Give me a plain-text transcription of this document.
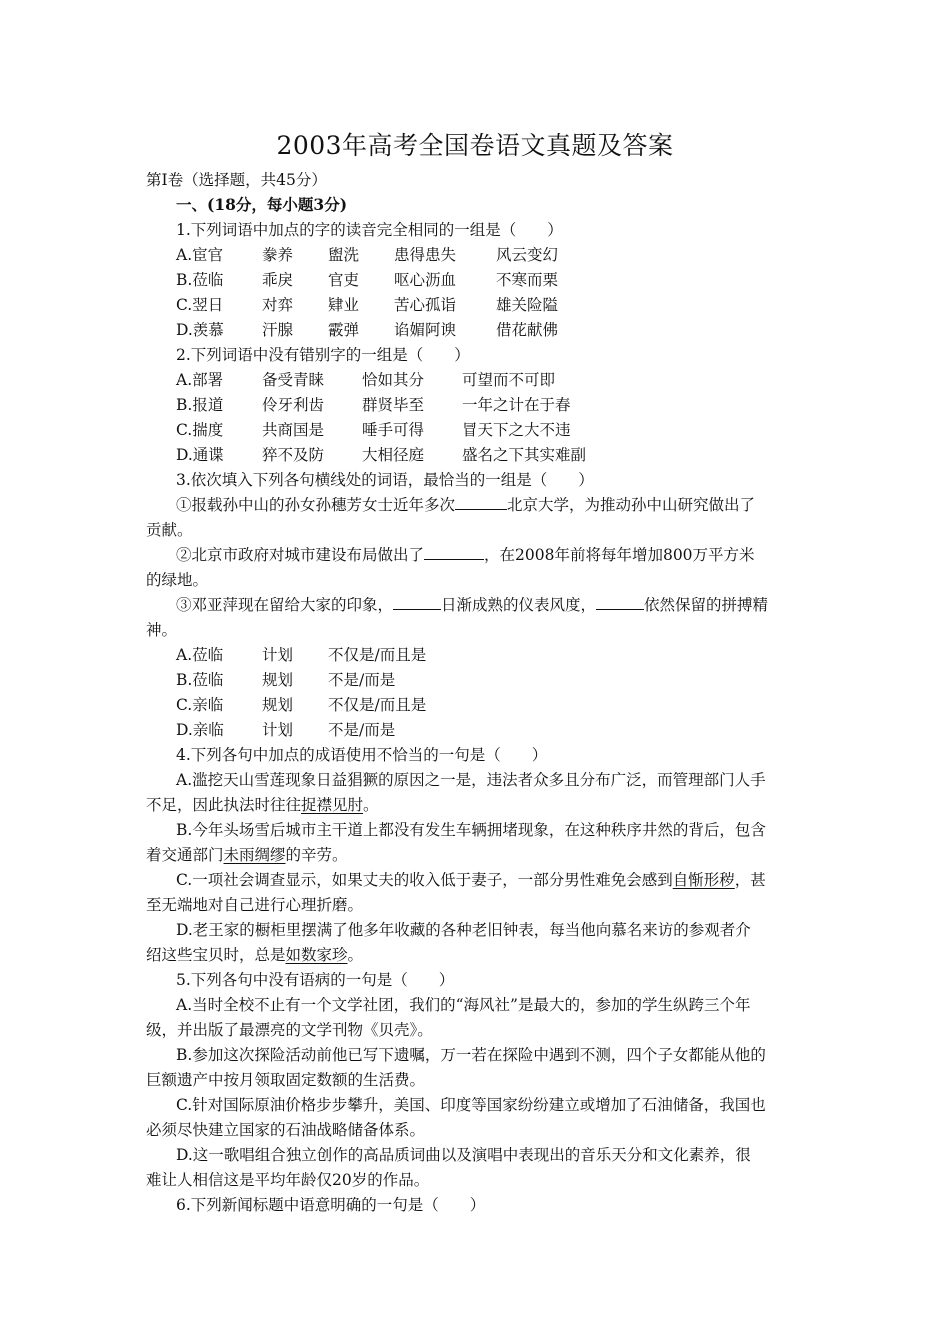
2003年高考全国卷语文真题及答案
第Ⅰ卷（选择题，共45分）
一、(18分，每小题3分)
1.下列词语中加点的字的读音完全相同的一组是（　　）
A.宦官	豢养 盥洗 患得患失	风云变幻
B.莅临 乖戾 官吏 呕心沥血	不寒而栗
C.翌日	对弈 肄业 苦心孤诣	雄关险隘
D.羡慕 汗腺 霰弹 谄媚阿谀	借花献佛
2.下列词语中没有错别字的一组是（　　）
A.部署	备受青睐 恰如其分 可望而不可即
B.报道 伶牙利齿 群贤毕至 一年之计在于春
C.揣度	共商国是 唾手可得 冒天下之大不违
D.通谍 猝不及防 大相径庭 盛名之下其实难副
3.依次填入下列各句横线处的词语，最恰当的一组是（　　）
①报载孙中山的孙女孙穗芳女士近年多次	北京大学，为推动孙中山研究做出了
贡献。
②北京市政府对城市建设布局做出了	，在2008年前将每年增加800万平方米
的绿地。
③邓亚萍现在留给大家的印象，	日渐成熟的仪表风度，	依然保留的拼搏精
神。
A.莅临	计划 不仅是/而且是
B.莅临 规划 不是/而是
C.亲临	规划 不仅是/而且是
D.亲临 计划 不是/而是
4.下列各句中加点的成语使用不恰当的一句是（　　）
A.滥挖天山雪莲现象日益猖獗的原因之一是，违法者众多且分布广泛，而管理部门人手
不足，因此执法时往往捉襟见肘。
B.今年头场雪后城市主干道上都没有发生车辆拥堵现象，在这种秩序井然的背后，包含
着交通部门未雨绸缪的辛劳。
C.一项社会调查显示，如果丈夫的收入低于妻子，一部分男性难免会感到自惭形秽，甚
至无端地对自己进行心理折磨。
D.老王家的橱柜里摆满了他多年收藏的各种老旧钟表，每当他向慕名来访的参观者介
绍这些宝贝时，总是如数家珍。
5.下列各句中没有语病的一句是（　　）
A.当时全校不止有一个文学社团，我们的“海风社”是最大的，参加的学生纵跨三个年
级，并出版了最漂亮的文学刊物《贝壳》。
B.参加这次探险活动前他已写下遗嘱，万一若在探险中遇到不测，四个子女都能从他的
巨额遗产中按月领取固定数额的生活费。
C.针对国际原油价格步步攀升，美国、印度等国家纷纷建立或增加了石油储备，我国也
必须尽快建立国家的石油战略储备体系。
D.这一歌唱组合独立创作的高品质词曲以及演唱中表现出的音乐天分和文化素养，很
难让人相信这是平均年龄仅20岁的作品。
6.下列新闻标题中语意明确的一句是（　　）
